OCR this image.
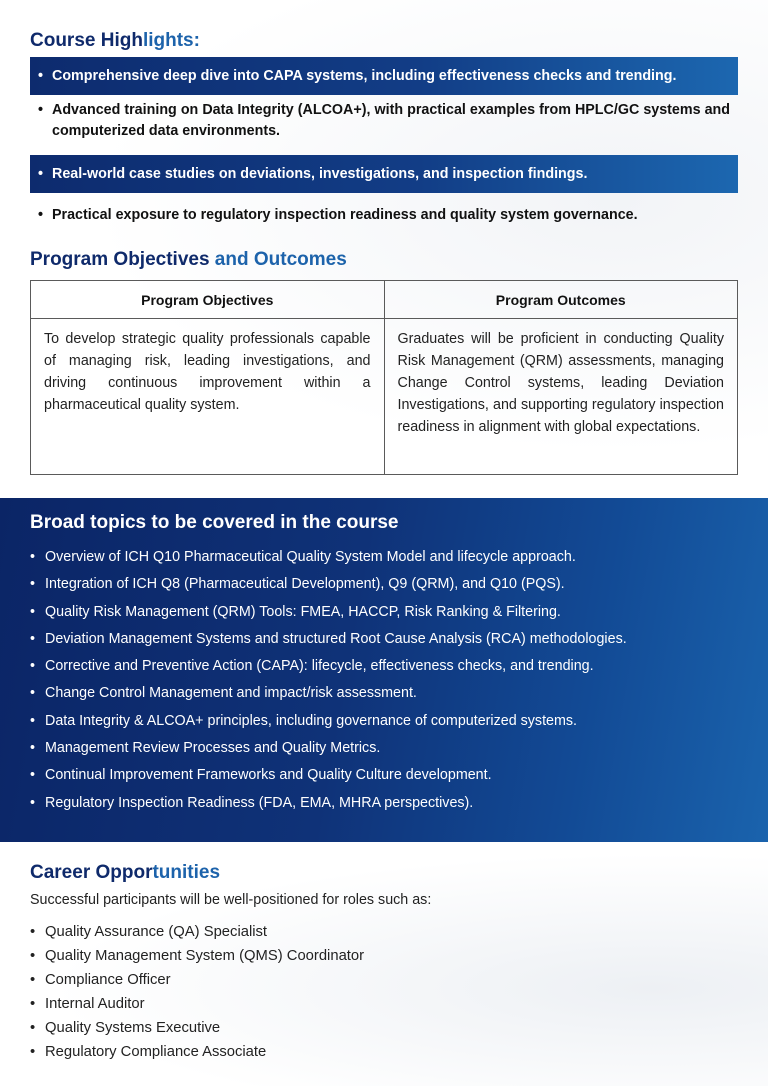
Course Highlights:
• Comprehensive deep dive into CAPA systems, including effectiveness checks and trending.
• Advanced training on Data Integrity (ALCOA+), with practical examples from HPLC/GC systems and computerized data environments.
• Real-world case studies on deviations, investigations, and inspection findings.
• Practical exposure to regulatory inspection readiness and quality system governance.
Program Objectives and Outcomes
Program Objectives	Program Outcomes
To develop strategic quality professionals capable of managing risk, leading investigations, and driving continuous improvement within a pharmaceutical quality system.	Graduates will be proficient in conducting Quality Risk Management (QRM) assessments, managing Change Control systems, leading Deviation Investigations, and supporting regulatory inspection readiness in alignment with global expectations.
Broad topics to be covered in the course
• Overview of ICH Q10 Pharmaceutical Quality System Model and lifecycle approach.
• Integration of ICH Q8 (Pharmaceutical Development), Q9 (QRM), and Q10 (PQS).
• Quality Risk Management (QRM) Tools: FMEA, HACCP, Risk Ranking & Filtering.
• Deviation Management Systems and structured Root Cause Analysis (RCA) methodologies.
• Corrective and Preventive Action (CAPA): lifecycle, effectiveness checks, and trending.
• Change Control Management and impact/risk assessment.
• Data Integrity & ALCOA+ principles, including governance of computerized systems.
• Management Review Processes and Quality Metrics.
• Continual Improvement Frameworks and Quality Culture development.
• Regulatory Inspection Readiness (FDA, EMA, MHRA perspectives).
Career Opportunities
Successful participants will be well-positioned for roles such as:
• Quality Assurance (QA) Specialist
• Quality Management System (QMS) Coordinator
• Compliance Officer
• Internal Auditor
• Quality Systems Executive
• Regulatory Compliance Associate
